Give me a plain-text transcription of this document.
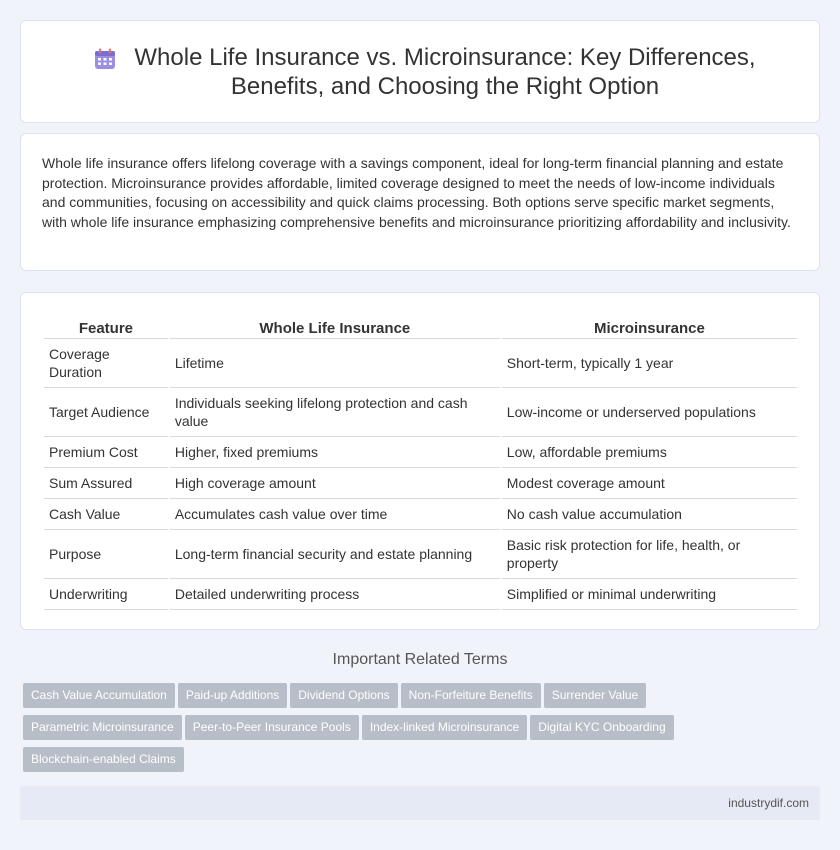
Whole Life Insurance vs. Microinsurance: Key Differences, Benefits, and Choosing the Right Option

Whole life insurance offers lifelong coverage with a savings component, ideal for long-term financial planning and estate protection. Microinsurance provides affordable, limited coverage designed to meet the needs of low-income individuals and communities, focusing on accessibility and quick claims processing. Both options serve specific market segments, with whole life insurance emphasizing comprehensive benefits and microinsurance prioritizing affordability and inclusivity.

Feature	Whole Life Insurance	Microinsurance
Coverage Duration	Lifetime	Short-term, typically 1 year
Target Audience	Individuals seeking lifelong protection and cash value	Low-income or underserved populations
Premium Cost	Higher, fixed premiums	Low, affordable premiums
Sum Assured	High coverage amount	Modest coverage amount
Cash Value	Accumulates cash value over time	No cash value accumulation
Purpose	Long-term financial security and estate planning	Basic risk protection for life, health, or property
Underwriting	Detailed underwriting process	Simplified or minimal underwriting
Important Related Terms
Cash Value Accumulation Paid-up Additions Dividend Options Non-Forfeiture Benefits Surrender ValueParametric Microinsurance Peer-to-Peer Insurance Pools Index-linked Microinsurance Digital KYC OnboardingBlockchain-enabled Claims
industrydif.com
